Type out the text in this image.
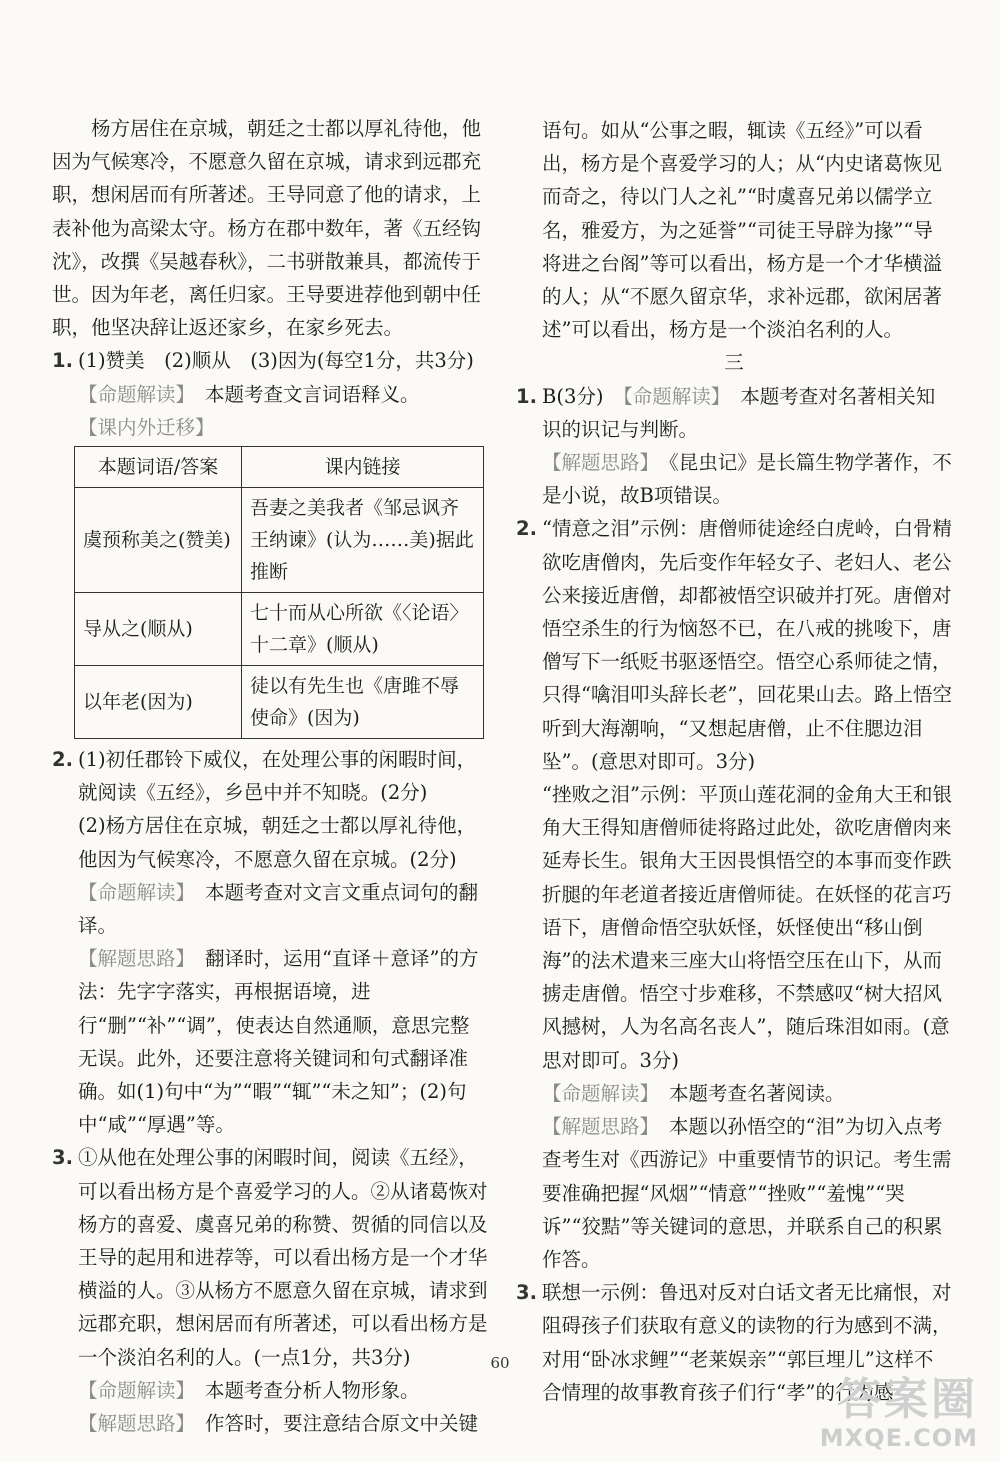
杨方居住在京城，朝廷之士都以厚礼待他，他因为气候寒冷，不愿意久留在京城，请求到远郡充职，想闲居而有所著述。王导同意了他的请求，上表补他为高梁太守。杨方在郡中数年，著《五经钩沈》，改撰《吴越春秋》，二书骈散兼具，都流传于世。因为年老，离任归家。王导要进荐他到朝中任职，他坚决辞让返还家乡，在家乡死去。

1. (1)赞美　(2)顺从　(3)因为(每空1分，共3分)

【命题解读】 本题考查文言词语释义。

【课内外迁移】

本题词语/答案	课内链接
虞预称美之(赞美)	吾妻之美我者《邹忌讽齐王纳谏》(认为……美)据此推断
导从之(顺从)	七十而从心所欲《〈论语〉十二章》(顺从)
以年老(因为)	徒以有先生也《唐雎不辱使命》(因为)
2. (1)初任郡铃下威仪，在处理公事的闲暇时间，就阅读《五经》，乡邑中并不知晓。(2分)

(2)杨方居住在京城，朝廷之士都以厚礼待他，他因为气候寒冷，不愿意久留在京城。(2分)

【命题解读】 本题考查对文言文重点词句的翻译。

【解题思路】 翻译时，运用“直译＋意译”的方法：先字字落实，再根据语境，进行“删”“补”“调”，使表达自然通顺，意思完整无误。此外，还要注意将关键词和句式翻译准确。如(1)句中“为”“暇”“辄”“未之知”；(2)句中“咸”“厚遇”等。

3. ①从他在处理公事的闲暇时间，阅读《五经》，可以看出杨方是个喜爱学习的人。②从诸葛恢对杨方的喜爱、虞喜兄弟的称赞、贺循的同信以及王导的起用和进荐等，可以看出杨方是一个才华横溢的人。③从杨方不愿意久留在京城，请求到远郡充职，想闲居而有所著述，可以看出杨方是一个淡泊名利的人。(一点1分，共3分)

【命题解读】 本题考查分析人物形象。

【解题思路】 作答时，要注意结合原文中关键

语句。如从“公事之暇，辄读《五经》”可以看出，杨方是个喜爱学习的人；从“内史诸葛恢见而奇之，待以门人之礼”“时虞喜兄弟以儒学立名，雅爱方，为之延誉”“司徒王导辟为掾”“导将进之台阁”等可以看出，杨方是一个才华横溢的人；从“不愿久留京华，求补远郡，欲闲居著述”可以看出，杨方是一个淡泊名利的人。

三

1. B(3分)　 【命题解读】 本题考查对名著相关知识的识记与判断。

【解题思路】 《昆虫记》是长篇生物学著作，不是小说，故B项错误。

2. “情意之泪”示例：唐僧师徒途经白虎岭，白骨精欲吃唐僧肉，先后变作年轻女子、老妇人、老公公来接近唐僧，却都被悟空识破并打死。唐僧对悟空杀生的行为恼怒不已，在八戒的挑唆下，唐僧写下一纸贬书驱逐悟空。悟空心系师徒之情，只得“噙泪叩头辞长老”，回花果山去。路上悟空听到大海潮响，“又想起唐僧，止不住腮边泪坠”。(意思对即可。3分)

“挫败之泪”示例：平顶山莲花洞的金角大王和银角大王得知唐僧师徒将路过此处，欲吃唐僧肉来延寿长生。银角大王因畏惧悟空的本事而变作跌折腿的年老道者接近唐僧师徒。在妖怪的花言巧语下，唐僧命悟空驮妖怪，妖怪使出“移山倒海”的法术遣来三座大山将悟空压在山下，从而掳走唐僧。悟空寸步难移，不禁感叹“树大招风风撼树，人为名高名丧人”，随后珠泪如雨。(意思对即可。3分)

【命题解读】 本题考查名著阅读。

【解题思路】 本题以孙悟空的“泪”为切入点考查考生对《西游记》中重要情节的识记。考生需要准确把握“风烟”“情意”“挫败”“羞愧”“哭诉”“狡黠”等关键词的意思，并联系自己的积累作答。

3. 联想一示例：鲁迅对反对白话文者无比痛恨，对阻碍孩子们获取有意义的读物的行为感到不满，对用“卧冰求鲤”“老莱娱亲”“郭巨埋儿”这样不合情理的故事教育孩子们行“孝”的行为感

60
答案圈
MXQE.COM
